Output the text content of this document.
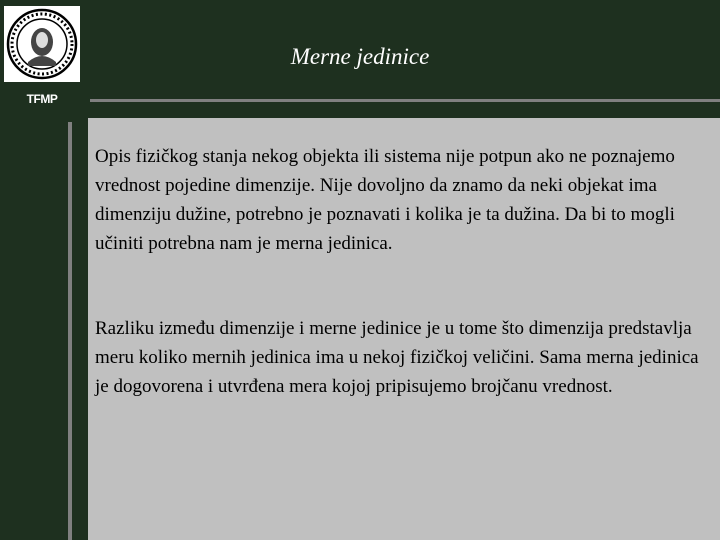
TFMP
Merne jedinice

Opis fizičkog stanja nekog objekta ili sistema nije potpun ako ne poznajemo vrednost pojedine dimenzije. Nije dovoljno da znamo da neki objekat ima dimenziju dužine, potrebno je poznavati i kolika je ta dužina. Da bi to mogli učiniti potrebna nam je merna jedinica.

Razliku između dimenzije i merne jedinice je u tome što dimenzija predstavlja meru koliko mernih jedinica ima u nekoj fizičkoj veličini. Sama merna jedinica je dogovorena i utvrđena mera kojoj pripisujemo brojčanu vrednost.
